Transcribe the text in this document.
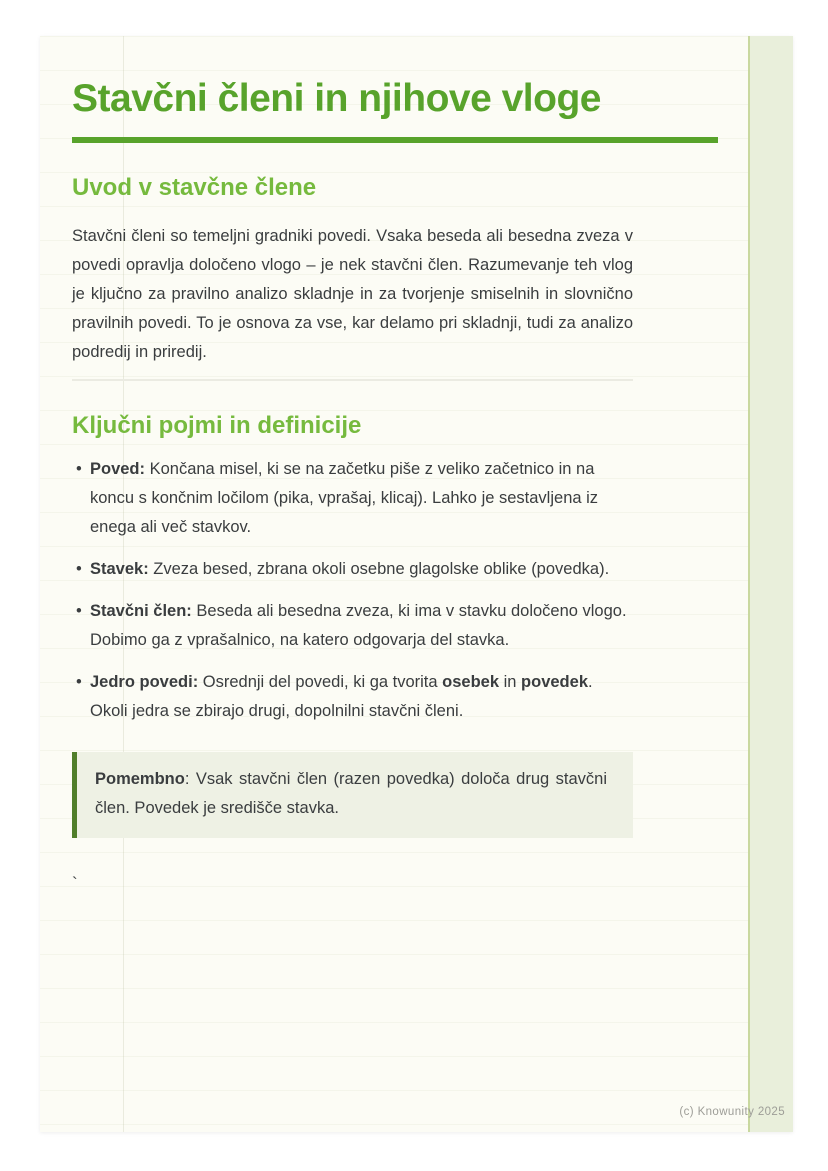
Stavčni členi in njihove vloge
Uvod v stavčne člene

Stavčni členi so temeljni gradniki povedi. Vsaka beseda ali besedna zveza v povedi opravlja določeno vlogo – je nek stavčni člen. Razumevanje teh vlog je ključno za pravilno analizo skladnje in za tvorjenje smiselnih in slovnično pravilnih povedi. To je osnova za vse, kar delamo pri skladnji, tudi za analizo podredij in priredij.

Ključni pojmi in definicije
• Poved: Končana misel, ki se na začetku piše z veliko začetnico in na koncu s končnim ločilom (pika, vprašaj, klicaj). Lahko je sestavljena iz enega ali več stavkov.
• Stavek: Zveza besed, zbrana okoli osebne glagolske oblike (povedka).
• Stavčni člen: Beseda ali besedna zveza, ki ima v stavku določeno vlogo. Dobimo ga z vprašalnico, na katero odgovarja del stavka.
• Jedro povedi: Osrednji del povedi, ki ga tvorita osebek in povedek. Okoli jedra se zbirajo drugi, dopolnilni stavčni členi.
Pomembno: Vsak stavčni člen (razen povedka) določa drug stavčni člen. Povedek je središče stavka.
`
(c) Knowunity 2025
